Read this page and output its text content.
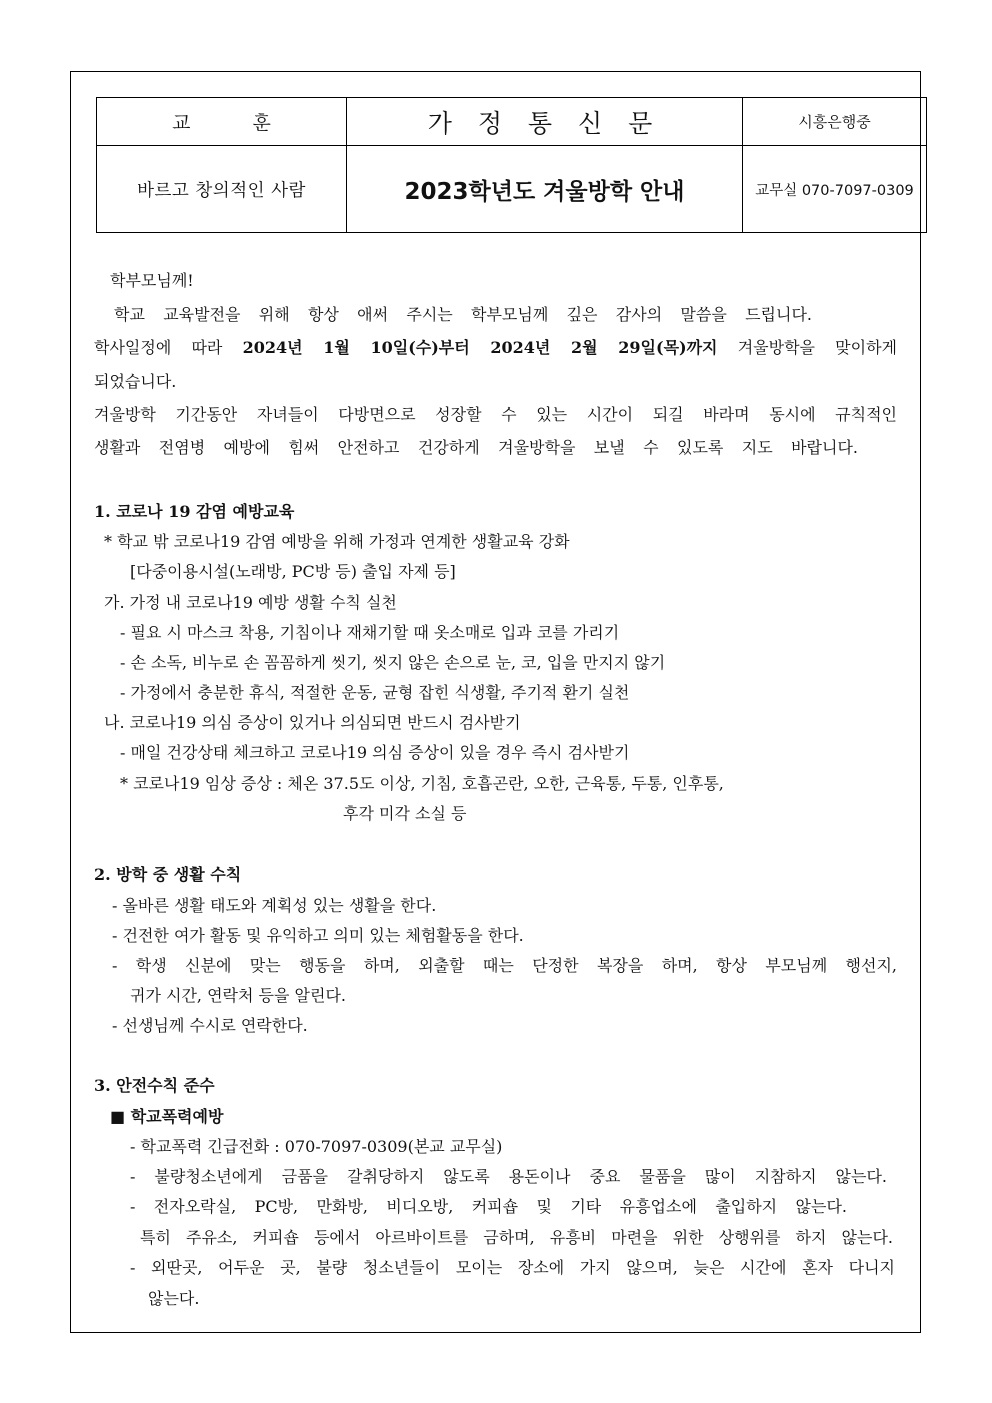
교 훈	가 정 통 신 문	시흥은행중
바르고 창의적인 사람	2023학년도 겨울방학 안내	교무실 070-7097-0309
학부모님께!
학교 교육발전을 위해 항상 애써 주시는 학부모님께 깊은 감사의 말씀을 드립니다.
학사일정에 따라 2024년 1월 10일(수)부터 2024년 2월 29일(목)까지 겨울방학을 맞이하게
되었습니다.
겨울방학 기간동안 자녀들이 다방면으로 성장할 수 있는 시간이 되길 바라며 동시에 규칙적인
생활과 전염병 예방에 힘써 안전하고 건강하게 겨울방학을 보낼 수 있도록 지도 바랍니다.
1. 코로나 19 감염 예방교육
* 학교 밖 코로나19 감염 예방을 위해 가정과 연계한 생활교육 강화
[다중이용시설(노래방, PC방 등) 출입 자제 등]
가. 가정 내 코로나19 예방 생활 수칙 실천
- 필요 시 마스크 착용, 기침이나 재채기할 때 옷소매로 입과 코를 가리기
- 손 소독, 비누로 손 꼼꼼하게 씻기, 씻지 않은 손으로 눈, 코, 입을 만지지 않기
- 가정에서 충분한 휴식, 적절한 운동, 균형 잡힌 식생활, 주기적 환기 실천
나. 코로나19 의심 증상이 있거나 의심되면 반드시 검사받기
- 매일 건강상태 체크하고 코로나19 의심 증상이 있을 경우 즉시 검사받기
* 코로나19 임상 증상 : 체온 37.5도 이상, 기침, 호흡곤란, 오한, 근육통, 두통, 인후통,
후각 미각 소실 등
2. 방학 중 생활 수칙
- 올바른 생활 태도와 계획성 있는 생활을 한다.
- 건전한 여가 활동 및 유익하고 의미 있는 체험활동을 한다.
- 학생 신분에 맞는 행동을 하며, 외출할 때는 단정한 복장을 하며, 항상 부모님께 행선지,
귀가 시간, 연락처 등을 알린다.
- 선생님께 수시로 연락한다.
3. 안전수칙 준수
■ 학교폭력예방
- 학교폭력 긴급전화 : 070-7097-0309(본교 교무실)
- 불량청소년에게 금품을 갈취당하지 않도록 용돈이나 중요 물품을 많이 지참하지 않는다.
- 전자오락실, PC방, 만화방, 비디오방, 커피숍 및 기타 유흥업소에 출입하지 않는다.
특히 주유소, 커피숍 등에서 아르바이트를 금하며, 유흥비 마련을 위한 상행위를 하지 않는다.
- 외딴곳, 어두운 곳, 불량 청소년들이 모이는 장소에 가지 않으며, 늦은 시간에 혼자 다니지
않는다.
